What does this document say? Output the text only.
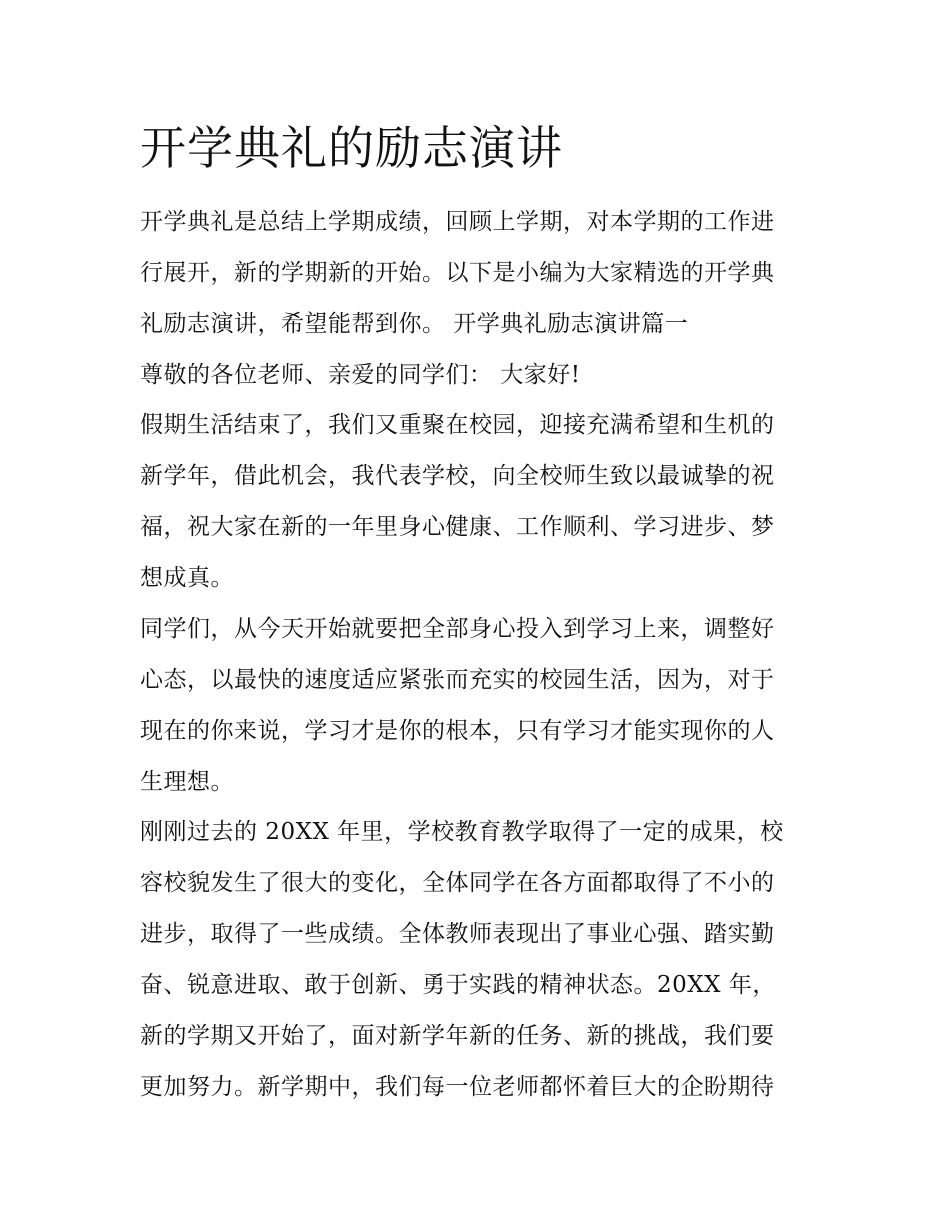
开学典礼的励志演讲
开学典礼是总结上学期成绩，回顾上学期，对本学期的工作进
行展开，新的学期新的开始。以下是小编为大家精选的开学典
礼励志演讲，希望能帮到你。 开学典礼励志演讲篇一
尊敬的各位老师、亲爱的同学们： 大家好!
假期生活结束了，我们又重聚在校园，迎接充满希望和生机的
新学年，借此机会，我代表学校，向全校师生致以最诚挚的祝
福，祝大家在新的一年里身心健康、工作顺利、学习进步、梦
想成真。
同学们，从今天开始就要把全部身心投入到学习上来，调整好
心态，以最快的速度适应紧张而充实的校园生活，因为，对于
现在的你来说，学习才是你的根本，只有学习才能实现你的人
生理想。
刚刚过去的 20XX 年里，学校教育教学取得了一定的成果，校
容校貌发生了很大的变化，全体同学在各方面都取得了不小的
进步，取得了一些成绩。全体教师表现出了事业心强、踏实勤
奋、锐意进取、敢于创新、勇于实践的精神状态。20XX 年，
新的学期又开始了，面对新学年新的任务、新的挑战，我们要
更加努力。新学期中，我们每一位老师都怀着巨大的企盼期待
